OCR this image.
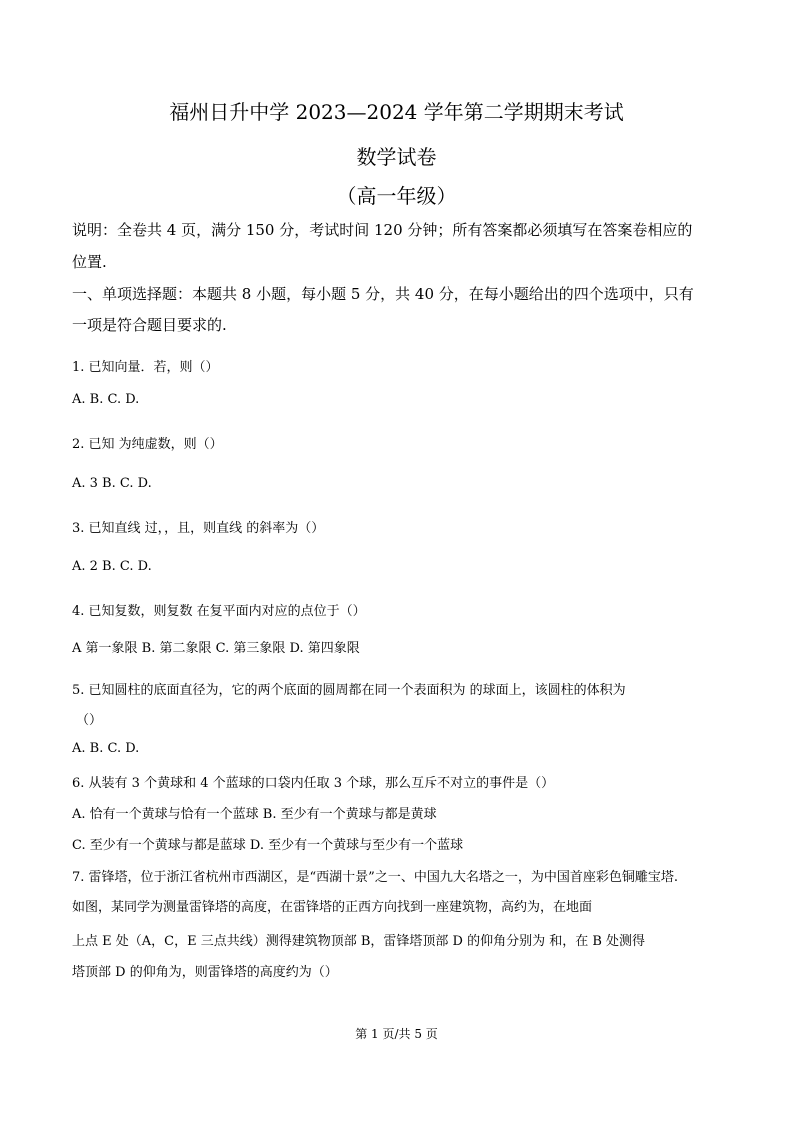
福州日升中学 2023—2024 学年第二学期期末考试
数学试卷
（高一年级）
说明：全卷共 4 页，满分 150 分，考试时间 120 分钟；所有答案都必须填写在答案卷相应的
位置.
一、单项选择题：本题共 8 小题，每小题 5 分，共 40 分，在每小题给出的四个选项中，只有
一项是符合题目要求的.
1. 已知向量．若，则（）
A. B. C. D.
2. 已知 为纯虚数，则（）
A. 3 B. C. D.
3. 已知直线 过，，且，则直线 的斜率为（）
A. 2 B. C. D.
4. 已知复数，则复数 在复平面内对应的点位于（）
A 第一象限 B. 第二象限 C. 第三象限 D. 第四象限
5. 已知圆柱的底面直径为，它的两个底面的圆周都在同一个表面积为 的球面上，该圆柱的体积为
（）
A. B. C. D.
6. 从装有 3 个黄球和 4 个蓝球的口袋内任取 3 个球，那么互斥不对立的事件是（）
A. 恰有一个黄球与恰有一个蓝球 B. 至少有一个黄球与都是黄球
C. 至少有一个黄球与都是蓝球 D. 至少有一个黄球与至少有一个蓝球
7. 雷锋塔，位于浙江省杭州市西湖区，是“西湖十景”之一、中国九大名塔之一，为中国首座彩色铜雕宝塔.
如图，某同学为测量雷锋塔的高度，在雷锋塔的正西方向找到一座建筑物，高约为，在地面
上点 E 处（A，C，E 三点共线）测得建筑物顶部 B，雷锋塔顶部 D 的仰角分别为 和，在 B 处测得
塔顶部 D 的仰角为，则雷锋塔的高度约为（）
第 1 页/共 5 页
